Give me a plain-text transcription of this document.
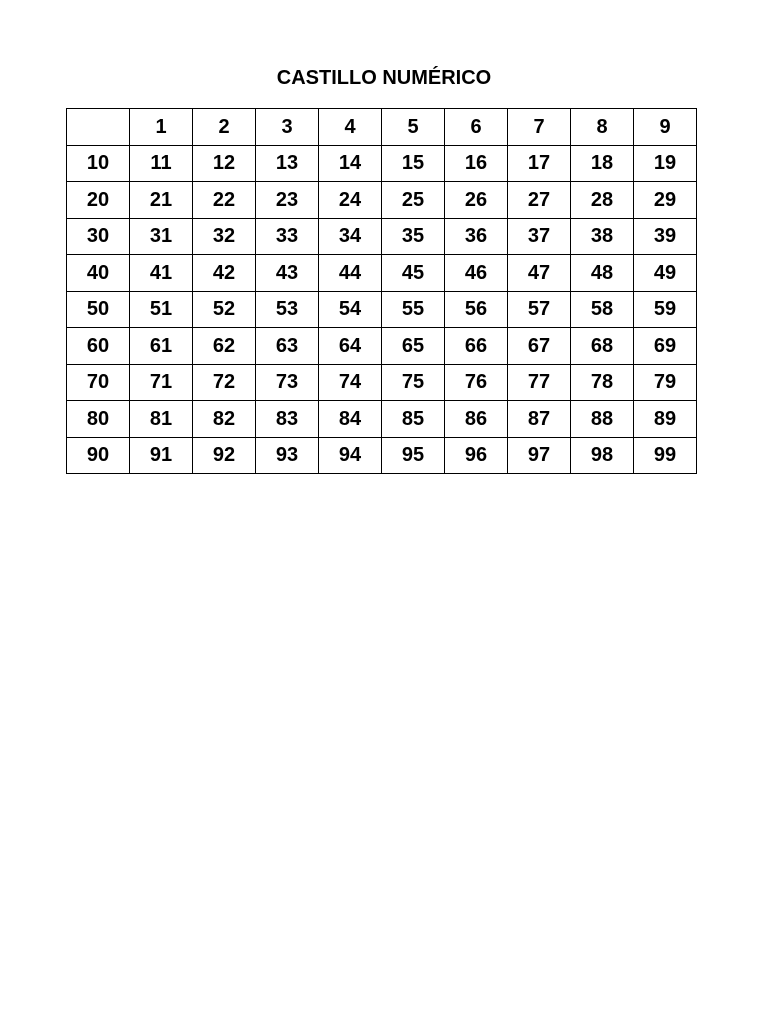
CASTILLO NUMÉRICO
	1	2	3	4	5	6	7	8	9
10	11	12	13	14	15	16	17	18	19
20	21	22	23	24	25	26	27	28	29
30	31	32	33	34	35	36	37	38	39
40	41	42	43	44	45	46	47	48	49
50	51	52	53	54	55	56	57	58	59
60	61	62	63	64	65	66	67	68	69
70	71	72	73	74	75	76	77	78	79
80	81	82	83	84	85	86	87	88	89
90	91	92	93	94	95	96	97	98	99
